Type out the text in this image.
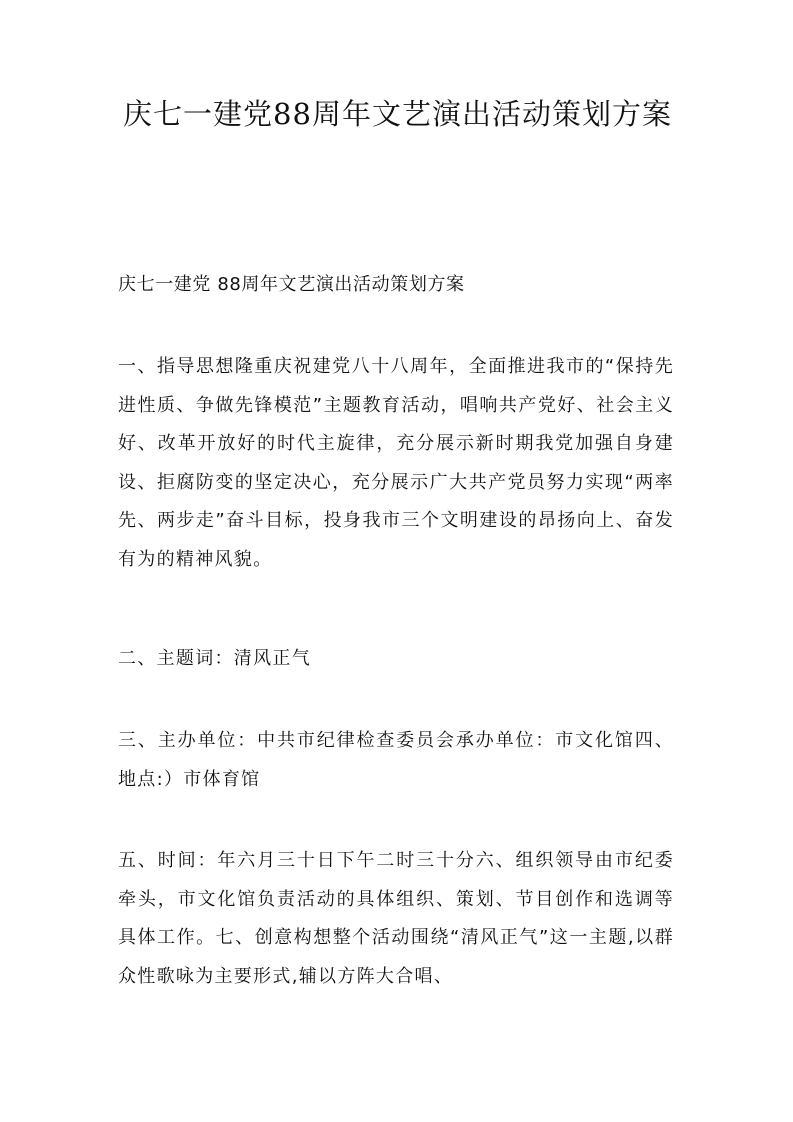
庆七一建党88周年文艺演出活动策划方案

庆七一建党 88周年文艺演出活动策划方案

一、指导思想隆重庆祝建党八十八周年，全面推进我市的“保持先进性质、争做先锋模范”主题教育活动，唱响共产党好、社会主义好、改革开放好的时代主旋律，充分展示新时期我党加强自身建设、拒腐防变的坚定决心，充分展示广大共产党员努力实现“两率先、两步走”奋斗目标，投身我市三个文明建设的昂扬向上、奋发有为的精神风貌。

二、主题词：清风正气

三、主办单位：中共市纪律检查委员会承办单位：市文化馆四、地点:）市体育馆

五、时间：年六月三十日下午二时三十分六、组织领导由市纪委牵头，市文化馆负责活动的具体组织、策划、节目创作和选调等具体工作。七、创意构想整个活动围绕“清风正气”这一主题,以群众性歌咏为主要形式,辅以方阵大合唱、
